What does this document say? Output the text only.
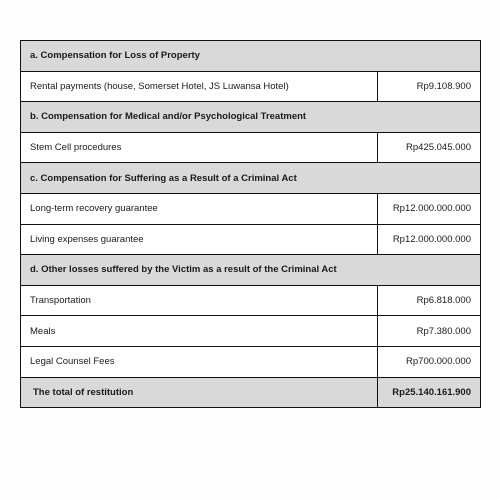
a. Compensation for Loss of Property	
Rental payments (house, Somerset Hotel, JS Luwansa Hotel)	Rp9.108.900
b. Compensation for Medical and/or Psychological Treatment	
Stem Cell procedures	Rp425.045.000
c. Compensation for Suffering as a Result of a Criminal Act	
Long-term recovery guarantee	Rp12.000.000.000
Living expenses guarantee	Rp12.000.000.000
d. Other losses suffered by the Victim as a result of the Criminal Act	
Transportation	Rp6.818.000
Meals	Rp7.380.000
Legal Counsel Fees	Rp700.000.000
The total of restitution	Rp25.140.161.900
